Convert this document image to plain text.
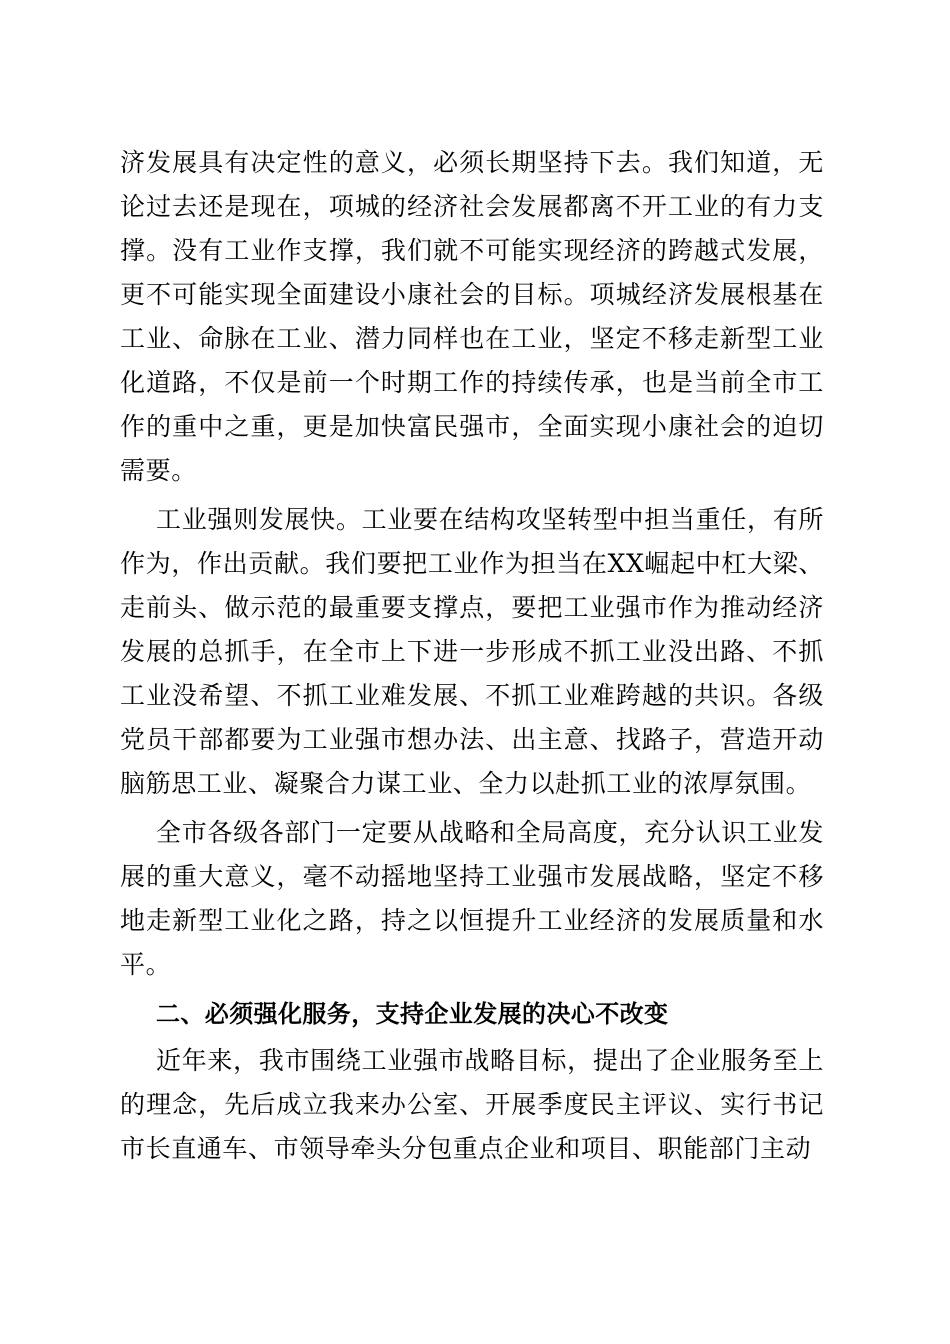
济发展具有决定性的意义，必须长期坚持下去。我们知道，无论过去还是现在，项城的经济社会发展都离不开工业的有力支撑。没有工业作支撑，我们就不可能实现经济的跨越式发展，更不可能实现全面建设小康社会的目标。项城经济发展根基在工业、命脉在工业、潜力同样也在工业，坚定不移走新型工业化道路，不仅是前一个时期工作的持续传承，也是当前全市工作的重中之重，更是加快富民强市，全面实现小康社会的迫切需要。

工业强则发展快。工业要在结构攻坚转型中担当重任，有所作为，作出贡献。我们要把工业作为担当在XX崛起中杠大梁、走前头、做示范的最重要支撑点，要把工业强市作为推动经济发展的总抓手，在全市上下进一步形成不抓工业没出路、不抓工业没希望、不抓工业难发展、不抓工业难跨越的共识。各级党员干部都要为工业强市想办法、出主意、找路子，营造开动脑筋思工业、凝聚合力谋工业、全力以赴抓工业的浓厚氛围。

全市各级各部门一定要从战略和全局高度，充分认识工业发展的重大意义，毫不动摇地坚持工业强市发展战略，坚定不移地走新型工业化之路，持之以恒提升工业经济的发展质量和水平。

二、必须强化服务，支持企业发展的决心不改变

近年来，我市围绕工业强市战略目标，提出了企业服务至上的理念，先后成立我来办公室、开展季度民主评议、实行书记市长直通车、市领导牵头分包重点企业和项目、职能部门主动
